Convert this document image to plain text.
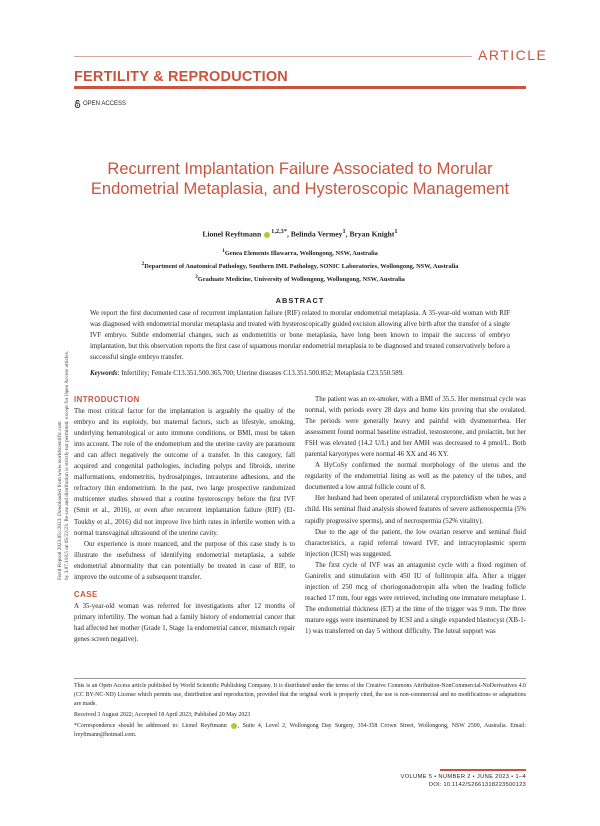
ARTICLE
FERTILITY & REPRODUCTION
OPEN ACCESS
Recurrent Implantation Failure Associated to Morular Endometrial Metaplasia, and Hysteroscopic Management
Lionel Reyftmann $^{1,2,3*}$, Belinda Vermey$^1$, Bryan Knight$^1$
$^1$Genea Elements Illawarra, Wollongong, NSW, Australia
$^2$Department of Anatomical Pathology, Southern IML Pathology, SONIC Laboratories, Wollongong, NSW, Australia
$^3$Graduate Medicine, University of Wollongong, Wollongong, NSW, Australia
ABSTRACT
We report the first documented case of recurrent implantation failure (RIF) related to morular endometrial metaplasia. A 35-year-old woman with RIF was diagnosed with endometrial morular metaplasia and treated with hysteroscopically guided excision allowing alive birth after the transfer of a single IVF embryo. Subtle endometrial changes, such as endometritis or bone metaplasia, have long been known to impair the success of embryo implantation, but this observation reports the first case of squamous morular endometrial metaplasia to be diagnosed and treated conservatively before a successful single embryo transfer.
Keywords: Infertility; Female C13.351.500.365.700; Uterine diseases C13.351.500.852; Metaplasia C23.550.589.
Fertil Reprod 2023.05:c2023. Downloaded from www.worldscientific.com by 3.87.118.5 on 05/22/23. Re-use and distribution is strictly not permitted, except for Open Access articles. INTRODUCTION

The most critical factor for the implantation is arguably the quality of the embryo and its euploidy, but maternal factors, such as lifestyle, smoking, underlying hematological or auto immune conditions, or BMI, must be taken into account. The role of the endometrium and the uterine cavity are paramount and can affect negatively the outcome of a transfer. In this category, fall acquired and congenital pathologies, including polyps and fibroids, uterine malformations, endometritis, hydrosalpinges, intrauterine adhesions, and the refractory thin endometrium. In the past, two large prospective randomized multicenter studies showed that a routine hysteroscopy before the first IVF (Smit et al., 2016), or even after recurrent implantation failure (RIF) (El-Toukhy et al., 2016) did not improve live birth rates in infertile women with a normal transvaginal ultrasound of the uterine cavity.

Our experience is more nuanced, and the purpose of this case study is to illustrate the usefulness of identifying endometrial metaplasia, a subtle endometrial abnormality that can potentially be treated in case of RIF, to improve the outcome of a subsequent transfer.

CASE

A 35-year-old woman was referred for investigations after 12 months of primary infertility. The woman had a family history of endometrial cancer that had affected her mother (Grade 1, Stage 1a endometrial cancer, mismatch repair genes screen negative).

The patient was an ex-smoker, with a BMI of 35.5. Her menstrual cycle was normal, with periods every 28 days and home kits proving that she ovulated. The periods were generally heavy and painful with dysmenorrhea. Her assessment found normal baseline estradiol, testosterone, and prolactin, but her FSH was elevated (14.2 U/L) and her AMH was decreased to 4 pmol/L. Both parental karyotypes were normal 46 XX and 46 XY.

A HyCoSy confirmed the normal morphology of the uterus and the regularity of the endometrial lining as well as the patency of the tubes, and documented a low antral follicle count of 8.

Her husband had been operated of unilateral cryptorchidism when he was a child. His seminal fluid analysis showed features of severe asthenospermia (5% rapidly progressive sperms), and of necrospermia (52% vitality).

Due to the age of the patient, the low ovarian reserve and seminal fluid characteristics, a rapid referral toward IVF, and intracytoplasmic sperm injection (ICSI) was suggested.

The first cycle of IVF was an antagonist cycle with a fixed regimen of Ganirelix and stimulation with 450 IU of follitropin alfa. After a trigger injection of 250 mcg of choriogonadotropin alfa when the leading follicle reached 17 mm, four eggs were retrieved, including one immature metaphase 1. The endometrial thickness (ET) at the time of the trigger was 9 mm. The three mature eggs were inseminated by ICSI and a single expanded blastocyst (XB-1-1) was transferred on day 5 without difficulty. The luteal support was

This is an Open Access article published by World Scientific Publishing Company. It is distributed under the terms of the Creative Commons Attribution-NonCommercial-NoDerivatives 4.0 (CC BY-NC-ND) License which permits use, distribution and reproduction, provided that the original work is properly cited, the use is non-commercial and no modifications or adaptations are made.

Received 3 August 2022; Accepted 18 April 2023; Published 20 May 2023

*Correspondence should be addressed to: Lionel Reyftmann , Suite 4, Level 2, Wollongong Day Surgery, 354-358 Crown Street, Wollongong, NSW 2500, Australia. Email: lreyftmann@hotmail.com.

VOLUME 5 • NUMBER 2 • JUNE 2023 • 1–4
DOI: 10.1142/S2661318223500123
